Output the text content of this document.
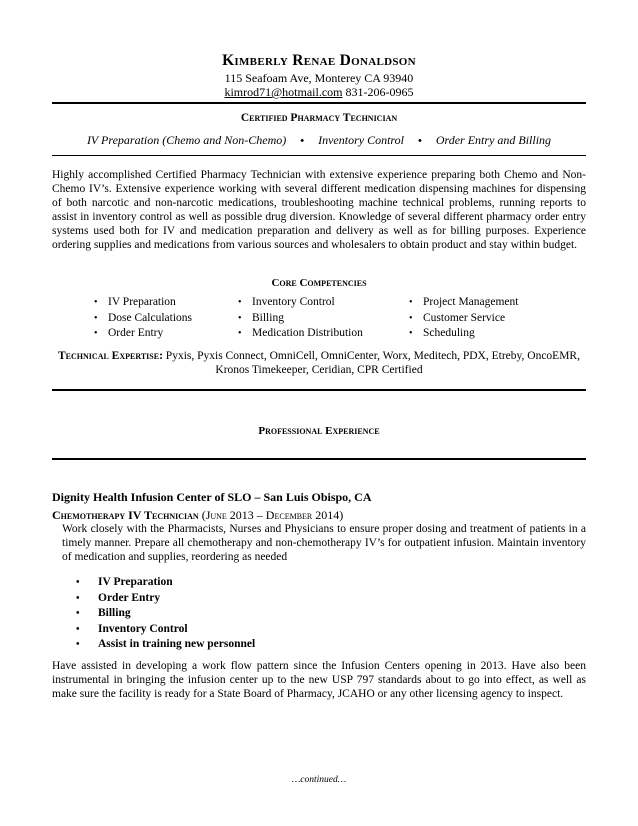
Kimberly Renae Donaldson
115 Seafoam Ave, Monterey CA 93940
kimrod71@hotmail.com 831-206-0965
Certified Pharmacy Technician
IV Preparation (Chemo and Non-Chemo) • Inventory Control • Order Entry and Billing
Highly accomplished Certified Pharmacy Technician with extensive experience preparing both Chemo and Non-Chemo IV’s. Extensive experience working with several different medication dispensing machines for dispensing of both narcotic and non-narcotic medications, troubleshooting machine technical problems, running reports to assist in inventory control as well as possible drug diversion. Knowledge of several different pharmacy order entry systems used both for IV and medication preparation and delivery as well as for billing purposes. Experience ordering supplies and medications from various sources and wholesalers to obtain product and stay within budget.
Core Competencies
• IV Preparation
• Dose Calculations
• Order Entry
• Inventory Control
• Billing
• Medication Distribution
• Project Management
• Customer Service
• Scheduling
Technical Expertise: Pyxis, Pyxis Connect, OmniCell, OmniCenter, Worx, Meditech, PDX, Etreby, OncoEMR, Kronos Timekeeper, Ceridian, CPR Certified
Professional Experience
Dignity Health Infusion Center of SLO – San Luis Obispo, CA
Chemotherapy IV Technician (June 2013 – December 2014)
Work closely with the Pharmacists, Nurses and Physicians to ensure proper dosing and treatment of patients in a timely manner. Prepare all chemotherapy and non-chemotherapy IV’s for outpatient infusion. Maintain inventory of medication and supplies, reordering as needed
• IV Preparation
• Order Entry
• Billing
• Inventory Control
• Assist in training new personnel
Have assisted in developing a work flow pattern since the Infusion Centers opening in 2013. Have also been instrumental in bringing the infusion center up to the new USP 797 standards about to go into effect, as well as make sure the facility is ready for a State Board of Pharmacy, JCAHO or any other licensing agency to inspect.
…continued…
